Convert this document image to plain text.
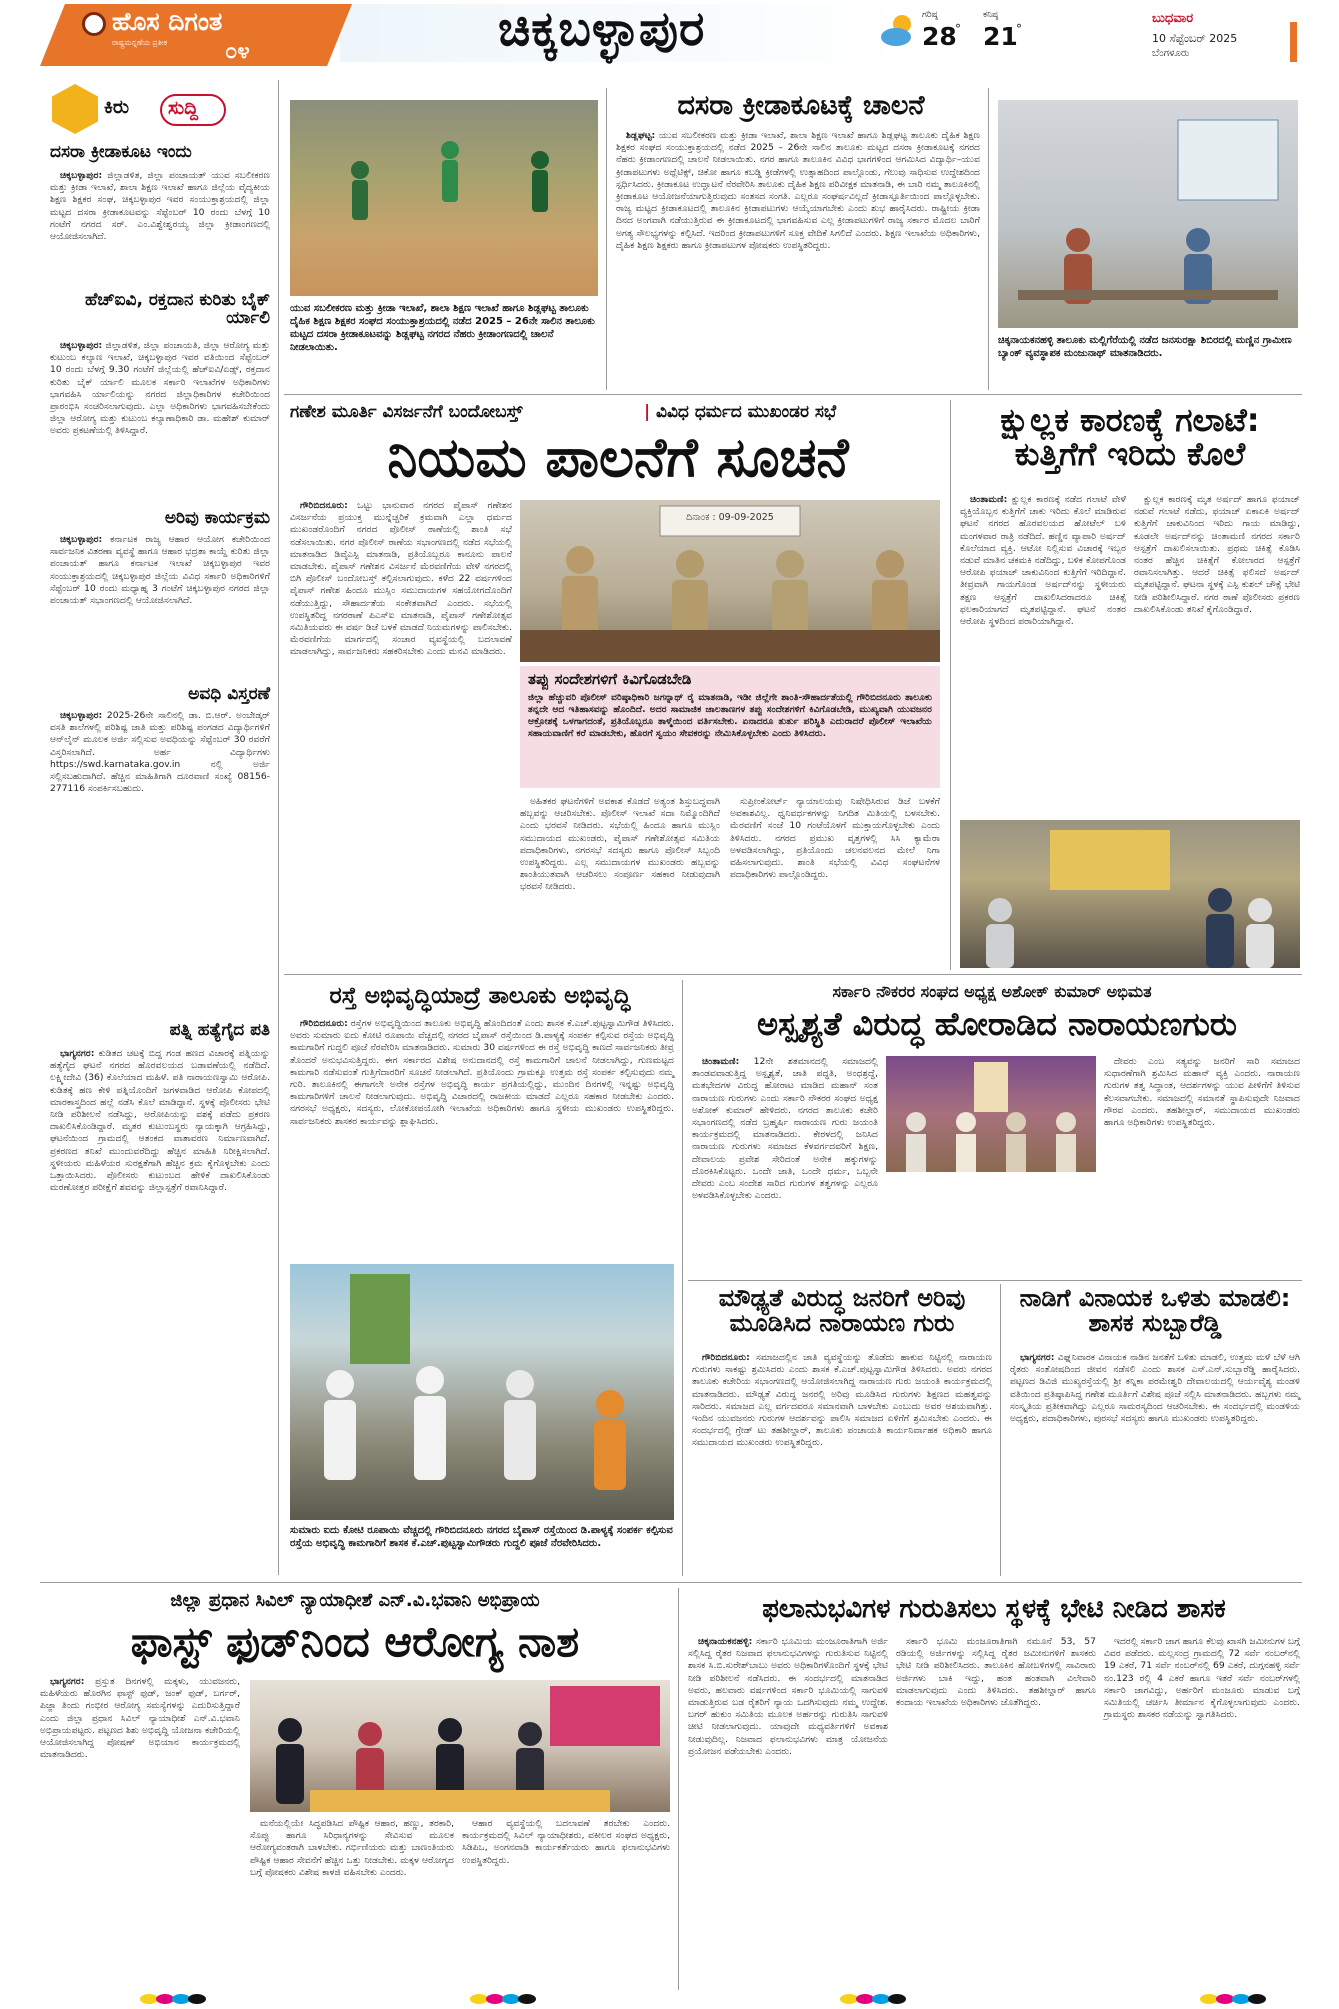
ಹೊಸ ದಿಗಂತ
ರಾಷ್ಟ್ರಮನ್ನಣೆಯ ಪ್ರತೀಕ	೦೪	ಚಿಕ್ಕಬಳ್ಳಾಪುರ	ಗರಿಷ್ಠ
28
°
ಕನಿಷ್ಠ
21
°
ಬುಧವಾರ
10 ಸೆಪ್ಟೆಂಬರ್ 2025
ಬೆಂಗಳೂರು
ಕಿರು	ಸುದ್ದಿ
ದಸರಾ ಕ್ರೀಡಾಕೂಟ ಇಂದು

ಚಿಕ್ಕಬಳ್ಳಾಪುರ: ಜಿಲ್ಲಾಡಳಿತ, ಜಿಲ್ಲಾ ಪಂಚಾಯತ್ ಯುವ ಸಬಲೀಕರಣ ಮತ್ತು ಕ್ರೀಡಾ ಇಲಾಖೆ, ಶಾಲಾ ಶಿಕ್ಷಣ ಇಲಾಖೆ ಹಾಗೂ ಜಿಲ್ಲೆಯ ವೈದ್ಯಕೀಯ ಶಿಕ್ಷಣ ಶಿಕ್ಷಕರ ಸಂಘ, ಚಿಕ್ಕಬಳ್ಳಾಪುರ ಇವರ ಸಂಯುಕ್ತಾಶ್ರಯದಲ್ಲಿ ಜಿಲ್ಲಾ ಮಟ್ಟದ ದಸರಾ ಕ್ರೀಡಾಕೂಟವನ್ನು ಸೆಪ್ಟೆಂಬರ್ 10 ರಂದು ಬೆಳಗ್ಗೆ 10 ಗಂಟೆಗೆ ನಗರದ ಸರ್. ಎಂ.ವಿಶ್ವೇಶ್ವರಯ್ಯ ಜಿಲ್ಲಾ ಕ್ರೀಡಾಂಗಣದಲ್ಲಿ ಆಯೋಜಿಸಲಾಗಿದೆ.

ಹೆಚ್‌ಐವಿ, ರಕ್ತದಾನ ಕುರಿತು ಬೈಕ್ ರ್ಯಾಲಿ

ಚಿಕ್ಕಬಳ್ಳಾಪುರ: ಜಿಲ್ಲಾಡಳಿತ, ಜಿಲ್ಲಾ ಪಂಚಾಯತಿ, ಜಿಲ್ಲಾ ಆರೋಗ್ಯ ಮತ್ತು ಕುಟುಂಬ ಕಲ್ಯಾಣ ಇಲಾಖೆ, ಚಿಕ್ಕಬಳ್ಳಾಪುರ ಇವರ ವತಿಯಿಂದ ಸೆಪ್ಟೆಂಬರ್ 10 ರಂದು ಬೆಳಗ್ಗೆ 9.30 ಗಂಟೆಗೆ ಜಿಲ್ಲೆಯಲ್ಲಿ ಹೆಚ್‌ಐವಿ/ಏಡ್ಸ್, ರಕ್ತದಾನ ಕುರಿತು ಬೈಕ್ ರ್ಯಾಲಿ ಮೂಲಕ ಸರ್ಕಾರಿ ಇಲಾಖೆಗಳ ಅಧಿಕಾರಿಗಳು ಭಾಗವಹಿಸಿ ರ್ಯಾಲಿಯನ್ನು ನಗರದ ಜಿಲ್ಲಾಧಿಕಾರಿಗಳ ಕಚೇರಿಯಿಂದ ಪ್ರಾರಂಭಿಸಿ ಸಂಚರಿಸಲಾಗುವುದು. ಎಲ್ಲಾ ಅಧಿಕಾರಿಗಳು ಭಾಗವಹಿಸಬೇಕೆಂದು ಜಿಲ್ಲಾ ಆರೋಗ್ಯ ಮತ್ತು ಕುಟುಂಬ ಕಲ್ಯಾಣಾಧಿಕಾರಿ ಡಾ. ಮಹೇಶ್ ಕುಮಾರ್ ಅವರು ಪ್ರಕಟಣೆಯಲ್ಲಿ ತಿಳಿಸಿದ್ದಾರೆ.

ಅರಿವು ಕಾರ್ಯಕ್ರಮ

ಚಿಕ್ಕಬಳ್ಳಾಪುರ: ಕರ್ನಾಟಕ ರಾಜ್ಯ ಆಹಾರ ಆಯೋಗ ಕಚೇರಿಯಿಂದ ಸಾರ್ವಜನಿಕ ವಿತರಣಾ ವ್ಯವಸ್ಥೆ ಹಾಗೂ ಆಹಾರ ಭದ್ರತಾ ಕಾಯ್ದೆ ಕುರಿತು ಜಿಲ್ಲಾ ಪಂಚಾಯತ್ ಹಾಗೂ ಕರ್ನಾಟಕ ಇಲಾಖೆ ಚಿಕ್ಕಬಳ್ಳಾಪುರ ಇವರ ಸಂಯುಕ್ತಾಶ್ರಯದಲ್ಲಿ ಚಿಕ್ಕಬಳ್ಳಾಪುರ ಜಿಲ್ಲೆಯ ವಿವಿಧ ಸರ್ಕಾರಿ ಅಧಿಕಾರಿಗಳಿಗೆ ಸೆಪ್ಟೆಂಬರ್ 10 ರಂದು ಮಧ್ಯಾಹ್ನ 3 ಗಂಟೆಗೆ ಚಿಕ್ಕಬಳ್ಳಾಪುರ ನಗರದ ಜಿಲ್ಲಾ ಪಂಚಾಯತ್ ಸಭಾಂಗಣದಲ್ಲಿ ಆಯೋಜಿಸಲಾಗಿದೆ.

ಅವಧಿ ವಿಸ್ತರಣೆ

ಚಿಕ್ಕಬಳ್ಳಾಪುರ: 2025-26ನೇ ಸಾಲಿನಲ್ಲಿ ಡಾ. ಬಿ.ಆರ್. ಅಂಬೇಡ್ಕರ್ ವಸತಿ ಶಾಲೆಗಳಲ್ಲಿ ಪರಿಶಿಷ್ಟ ಜಾತಿ ಮತ್ತು ಪರಿಶಿಷ್ಟ ಪಂಗಡದ ವಿದ್ಯಾರ್ಥಿಗಳಿಗೆ ಆನ್‌ಲೈನ್ ಮೂಲಕ ಅರ್ಜಿ ಸಲ್ಲಿಸುವ ಅವಧಿಯನ್ನು ಸೆಪ್ಟೆಂಬರ್ 30 ರವರೆಗೆ ವಿಸ್ತರಿಸಲಾಗಿದೆ. ಅರ್ಹ ವಿದ್ಯಾರ್ಥಿಗಳು https://swd.karnataka.gov.in ನಲ್ಲಿ ಅರ್ಜಿ ಸಲ್ಲಿಸಬಹುದಾಗಿದೆ. ಹೆಚ್ಚಿನ ಮಾಹಿತಿಗಾಗಿ ದೂರವಾಣಿ ಸಂಖ್ಯೆ 08156-277116 ಸಂಪರ್ಕಿಸಬಹುದು.

ಪತ್ನಿ ಹತ್ಯೆಗೈದ ಪತಿ

ಭಾಗ್ಯನಗರ: ಕುಡಿತದ ಚಟಕ್ಕೆ ಬಿದ್ದ ಗಂಡ ಹಣದ ವಿಚಾರಕ್ಕೆ ಪತ್ನಿಯನ್ನು ಹತ್ಯೆಗೈದ ಘಟನೆ ನಗರದ ಹೊರವಲಯದ ಬಡಾವಣೆಯಲ್ಲಿ ನಡೆದಿದೆ. ಲಕ್ಷ್ಮೀದೇವಿ (36) ಕೊಲೆಯಾದ ಮಹಿಳೆ. ಪತಿ ನಾರಾಯಣಸ್ವಾಮಿ ಆರೋಪಿ. ಕುಡಿತಕ್ಕೆ ಹಣ ಕೇಳಿ ಪತ್ನಿಯೊಂದಿಗೆ ಜಗಳವಾಡಿದ ಆರೋಪಿ ಕೋಪದಲ್ಲಿ ಮಾರಕಾಸ್ತ್ರದಿಂದ ಹಲ್ಲೆ ನಡೆಸಿ ಕೊಲೆ ಮಾಡಿದ್ದಾನೆ. ಸ್ಥಳಕ್ಕೆ ಪೊಲೀಸರು ಭೇಟಿ ನೀಡಿ ಪರಿಶೀಲನೆ ನಡೆಸಿದ್ದು, ಆರೋಪಿಯನ್ನು ವಶಕ್ಕೆ ಪಡೆದು ಪ್ರಕರಣ ದಾಖಲಿಸಿಕೊಂಡಿದ್ದಾರೆ. ಮೃತರ ಕುಟುಂಬಸ್ಥರು ನ್ಯಾಯಕ್ಕಾಗಿ ಆಗ್ರಹಿಸಿದ್ದು, ಘಟನೆಯಿಂದ ಗ್ರಾಮದಲ್ಲಿ ಆತಂಕದ ವಾತಾವರಣ ನಿರ್ಮಾಣವಾಗಿದೆ. ಪ್ರಕರಣದ ತನಿಖೆ ಮುಂದುವರೆದಿದ್ದು ಹೆಚ್ಚಿನ ಮಾಹಿತಿ ನಿರೀಕ್ಷಿಸಲಾಗಿದೆ. ಸ್ಥಳೀಯರು ಮಹಿಳೆಯರ ಸುರಕ್ಷತೆಗಾಗಿ ಹೆಚ್ಚಿನ ಕ್ರಮ ಕೈಗೊಳ್ಳಬೇಕು ಎಂದು ಒತ್ತಾಯಿಸಿದರು. ಪೊಲೀಸರು ಕುಟುಂಬದ ಹೇಳಿಕೆ ದಾಖಲಿಸಿಕೊಂಡು ಮರಣೋತ್ತರ ಪರೀಕ್ಷೆಗೆ ಶವವನ್ನು ಜಿಲ್ಲಾಸ್ಪತ್ರೆಗೆ ರವಾನಿಸಿದ್ದಾರೆ.

ಯುವ ಸಬಲೀಕರಣ ಮತ್ತು ಕ್ರೀಡಾ ಇಲಾಖೆ, ಶಾಲಾ ಶಿಕ್ಷಣ ಇಲಾಖೆ ಹಾಗೂ ಶಿಡ್ಲಘಟ್ಟ ತಾಲೂಕು ದೈಹಿಕ ಶಿಕ್ಷಣ ಶಿಕ್ಷಕರ ಸಂಘದ ಸಂಯುಕ್ತಾಶ್ರಯದಲ್ಲಿ ನಡೆದ 2025 – 26ನೇ ಸಾಲಿನ ತಾಲೂಕು ಮಟ್ಟದ ದಸರಾ ಕ್ರೀಡಾಕೂಟವನ್ನು ಶಿಡ್ಲಘಟ್ಟ ನಗರದ ನೆಹರು ಕ್ರೀಡಾಂಗಣದಲ್ಲಿ ಚಾಲನೆ ನೀಡಲಾಯಿತು.
ದಸರಾ ಕ್ರೀಡಾಕೂಟಕ್ಕೆ ಚಾಲನೆ

ಶಿಡ್ಲಘಟ್ಟ: ಯುವ ಸಬಲೀಕರಣ ಮತ್ತು ಕ್ರೀಡಾ ಇಲಾಖೆ, ಶಾಲಾ ಶಿಕ್ಷಣ ಇಲಾಖೆ ಹಾಗೂ ಶಿಡ್ಲಘಟ್ಟ ತಾಲೂಕು ದೈಹಿಕ ಶಿಕ್ಷಣ ಶಿಕ್ಷಕರ ಸಂಘದ ಸಂಯುಕ್ತಾಶ್ರಯದಲ್ಲಿ ನಡೆದ 2025 – 26ನೇ ಸಾಲಿನ ತಾಲೂಕು ಮಟ್ಟದ ದಸರಾ ಕ್ರೀಡಾಕೂಟಕ್ಕೆ ನಗರದ ನೆಹರು ಕ್ರೀಡಾಂಗಣದಲ್ಲಿ ಚಾಲನೆ ನೀಡಲಾಯಿತು. ನಗರ ಹಾಗೂ ತಾಲೂಕಿನ ವಿವಿಧ ಭಾಗಗಳಿಂದ ಆಗಮಿಸಿದ ವಿದ್ಯಾರ್ಥಿ–ಯುವ ಕ್ರೀಡಾಪಟುಗಳು ಅಥ್ಲೆಟಿಕ್ಸ್, ಚಿಕೋ ಹಾಗೂ ಕಬಡ್ಡಿ ಕ್ರೀಡೆಗಳಲ್ಲಿ ಉತ್ಸಾಹದಿಂದ ಪಾಲ್ಗೊಂಡು, ಗೆಲುವು ಸಾಧಿಸುವ ಉದ್ದೇಶದಿಂದ ಸ್ಪರ್ಧಿಸಿದರು. ಕ್ರೀಡಾಕೂಟ ಉದ್ಘಾಟನೆ ನೆರವೇರಿಸಿ ತಾಲೂಕು ದೈಹಿಕ ಶಿಕ್ಷಣ ಪರಿವೀಕ್ಷಕ ಮಾತನಾಡಿ, ಈ ಬಾರಿ ನಮ್ಮ ತಾಲೂಕಿನಲ್ಲಿ ಕ್ರೀಡಾಕೂಟ ಆಯೋಜನೆಯಾಗುತ್ತಿರುವುದು ಸಂತಸದ ಸಂಗತಿ. ಎಲ್ಲರೂ ಸಂಘರ್ಷವಿಲ್ಲದೆ ಕ್ರೀಡಾಸ್ಫೂರ್ತಿಯಿಂದ ಪಾಲ್ಗೊಳ್ಳಬೇಕು. ರಾಜ್ಯ ಮಟ್ಟದ ಕ್ರೀಡಾಕೂಟದಲ್ಲಿ ತಾಲೂಕಿನ ಕ್ರೀಡಾಪಟುಗಳು ಆಯ್ಕೆಯಾಗಬೇಕು ಎಂದು ಶುಭ ಹಾರೈಸಿದರು. ರಾಷ್ಟ್ರೀಯ ಕ್ರೀಡಾ ದಿನದ ಅಂಗವಾಗಿ ನಡೆಯುತ್ತಿರುವ ಈ ಕ್ರೀಡಾಕೂಟದಲ್ಲಿ ಭಾಗವಹಿಸುವ ಎಲ್ಲ ಕ್ರೀಡಾಪಟುಗಳಿಗೆ ರಾಜ್ಯ ಸರ್ಕಾರ ಮೊದಲ ಬಾರಿಗೆ ಅಗತ್ಯ ಸೌಲಭ್ಯಗಳನ್ನು ಕಲ್ಪಿಸಿದೆ. ಇದರಿಂದ ಕ್ರೀಡಾಪಟುಗಳಿಗೆ ಸೂಕ್ತ ವೇದಿಕೆ ಸಿಗಲಿದೆ ಎಂದರು. ಶಿಕ್ಷಣ ಇಲಾಖೆಯ ಅಧಿಕಾರಿಗಳು, ದೈಹಿಕ ಶಿಕ್ಷಣ ಶಿಕ್ಷಕರು ಹಾಗೂ ಕ್ರೀಡಾಪಟುಗಳ ಪೋಷಕರು ಉಪಸ್ಥಿತರಿದ್ದರು.

ಚಿಕ್ಕನಾಯಕನಹಳ್ಳಿ ತಾಲೂಕು ಮಲ್ಲಿಗೆರೆಯಲ್ಲಿ ನಡೆದ ಜನಸುರಕ್ಷಾ ಶಿಬಿರದಲ್ಲಿ ಮಣ್ಣಿನ ಗ್ರಾಮೀಣ ಬ್ಯಾಂಕ್ ವ್ಯವಸ್ಥಾಪಕ ಮಂಜುನಾಥ್ ಮಾತನಾಡಿದರು.
ಗಣೇಶ ಮೂರ್ತಿ ವಿಸರ್ಜನೆಗೆ ಬಂದೋಬಸ್ತ್	| ವಿವಿಧ ಧರ್ಮದ ಮುಖಂಡರ ಸಭೆ
ನಿಯಮ ಪಾಲನೆಗೆ ಸೂಚನೆ

ಗೌರಿಬಿದನೂರು: ಒಟ್ಟು ಭಾನುವಾರ ನಗರದ ಪೈಪಾಸ್ ಗಣೇಶನ ವಿಸರ್ಜನೆಯ ಪ್ರಯುಕ್ತ ಮುನ್ನೆಚ್ಚರಿಕೆ ಕ್ರಮವಾಗಿ ಎಲ್ಲಾ ಧರ್ಮದ ಮುಖಂಡರೊಂದಿಗೆ ನಗರದ ಪೊಲೀಸ್ ಠಾಣೆಯಲ್ಲಿ ಶಾಂತಿ ಸಭೆ ನಡೆಸಲಾಯಿತು. ನಗರ ಪೊಲೀಸ್ ಠಾಣೆಯ ಸಭಾಂಗಣದಲ್ಲಿ ನಡೆದ ಸಭೆಯಲ್ಲಿ ಮಾತನಾಡಿದ ಡಿವೈಎಸ್ಪಿ ಮಾತನಾಡಿ, ಪ್ರತಿಯೊಬ್ಬರೂ ಕಾನೂನು ಪಾಲನೆ ಮಾಡಬೇಕು. ಪೈಪಾಸ್ ಗಣೇಶನ ವಿಸರ್ಜನೆ ಮೆರವಣಿಗೆಯ ವೇಳೆ ನಗರದಲ್ಲಿ ಬಿಗಿ ಪೊಲೀಸ್ ಬಂದೋಬಸ್ತ್ ಕಲ್ಪಿಸಲಾಗುವುದು. ಕಳೆದ 22 ವರ್ಷಗಳಿಂದ ಪೈಪಾಸ್ ಗಣೇಶ ಹಿಂದೂ ಮುಸ್ಲಿಂ ಸಮುದಾಯಗಳ ಸಹಯೋಗದೊಂದಿಗೆ ನಡೆಯುತ್ತಿದ್ದು, ಸೌಹಾರ್ದತೆಯ ಸಂಕೇತವಾಗಿದೆ ಎಂದರು. ಸಭೆಯಲ್ಲಿ ಉಪಸ್ಥಿತರಿದ್ದ ನಗರಠಾಣೆ ಪಿಎಸ್ಐ ಮಾತನಾಡಿ, ಪೈಪಾಸ್ ಗಣೇಶೋತ್ಸವ ಸಮಿತಿಯವರು ಈ ವರ್ಷ ಡಿಜೆ ಬಳಕೆ ಮಾಡದೆ ನಿಯಮಗಳನ್ನು ಪಾಲಿಸಬೇಕು. ಮೆರವಣಿಗೆಯ ಮಾರ್ಗದಲ್ಲಿ ಸಂಚಾರ ವ್ಯವಸ್ಥೆಯಲ್ಲಿ ಬದಲಾವಣೆ ಮಾಡಲಾಗಿದ್ದು, ಸಾರ್ವಜನಿಕರು ಸಹಕರಿಸಬೇಕು ಎಂದು ಮನವಿ ಮಾಡಿದರು.

ದಿನಾಂಕ : 09-09-2025
ತಪ್ಪು ಸಂದೇಶಗಳಿಗೆ ಕಿವಿಗೊಡಬೇಡಿ
ಜಿಲ್ಲಾ ಹೆಚ್ಚುವರಿ ಪೊಲೀಸ್ ವರಿಷ್ಠಾಧಿಕಾರಿ ಜಗನ್ನಾಥ್ ರೈ ಮಾತನಾಡಿ, ಇಡೀ ಜಿಲ್ಲೆಗೇ ಶಾಂತಿ-ಸೌಹಾರ್ದತೆಯಲ್ಲಿ ಗೌರಿಬಿದನೂರು ತಾಲೂಕು ತನ್ನದೇ ಆದ ಇತಿಹಾಸವನ್ನು ಹೊಂದಿದೆ. ಅದರ ಸಾಮಾಜಿಕ ಜಾಲತಾಣಗಳ ತಪ್ಪು ಸಂದೇಶಗಳಿಗೆ ಕಿವಿಗೊಡಬೇಡಿ, ಮುಖ್ಯವಾಗಿ ಯುವಜನರ ಆಕ್ರೋಶಕ್ಕೆ ಒಳಗಾಗದಂತೆ, ಪ್ರತಿಯೊಬ್ಬರೂ ತಾಳ್ಮೆಯಿಂದ ವರ್ತಿಸಬೇಕು. ಏನಾದರೂ ತುರ್ತು ಪರಿಸ್ಥಿತಿ ಎದುರಾದರೆ ಪೊಲೀಸ್ ಇಲಾಖೆಯ ಸಹಾಯವಾಣಿಗೆ ಕರೆ ಮಾಡಬೇಕು, ಹೊರಗೆ ಸ್ವಯಂ ಸೇವಕರನ್ನು ನೇಮಿಸಿಕೊಳ್ಳಬೇಕು ಎಂದು ತಿಳಿಸಿದರು.

ಅಹಿತಕರ ಘಟನೆಗಳಿಗೆ ಅವಕಾಶ ಕೊಡದೆ ಅತ್ಯಂತ ಶಿಸ್ತುಬದ್ಧವಾಗಿ ಹಬ್ಬವನ್ನು ಆಚರಿಸಬೇಕು. ಪೊಲೀಸ್ ಇಲಾಖೆ ಸದಾ ನಿಮ್ಮೊಂದಿಗಿದೆ ಎಂದು ಭರವಸೆ ನೀಡಿದರು. ಸಭೆಯಲ್ಲಿ ಹಿಂದೂ ಹಾಗೂ ಮುಸ್ಲಿಂ ಸಮುದಾಯದ ಮುಖಂಡರು, ಪೈಪಾಸ್ ಗಣೇಶೋತ್ಸವ ಸಮಿತಿಯ ಪದಾಧಿಕಾರಿಗಳು, ನಗರಸಭೆ ಸದಸ್ಯರು ಹಾಗೂ ಪೊಲೀಸ್ ಸಿಬ್ಬಂದಿ ಉಪಸ್ಥಿತರಿದ್ದರು. ಎಲ್ಲ ಸಮುದಾಯಗಳ ಮುಖಂಡರು ಹಬ್ಬವನ್ನು ಶಾಂತಿಯುತವಾಗಿ ಆಚರಿಸಲು ಸಂಪೂರ್ಣ ಸಹಕಾರ ನೀಡುವುದಾಗಿ ಭರವಸೆ ನೀಡಿದರು.

ಸುಪ್ರೀಂಕೋರ್ಟ್ ನ್ಯಾಯಾಲಯವು ನಿಷೇಧಿಸಿರುವ ಡಿಜೆ ಬಳಕೆಗೆ ಅವಕಾಶವಿಲ್ಲ. ಧ್ವನಿವರ್ಧಕಗಳನ್ನು ನಿಗದಿತ ಮಿತಿಯಲ್ಲಿ ಬಳಸಬೇಕು. ಮೆರವಣಿಗೆ ಸಂಜೆ 10 ಗಂಟೆಯೊಳಗೆ ಮುಕ್ತಾಯಗೊಳ್ಳಬೇಕು ಎಂದು ತಿಳಿಸಿದರು. ನಗರದ ಪ್ರಮುಖ ವೃತ್ತಗಳಲ್ಲಿ ಸಿಸಿ ಕ್ಯಾಮೆರಾ ಅಳವಡಿಸಲಾಗಿದ್ದು, ಪ್ರತಿಯೊಂದು ಚಲನವಲನದ ಮೇಲೆ ನಿಗಾ ವಹಿಸಲಾಗುವುದು. ಶಾಂತಿ ಸಭೆಯಲ್ಲಿ ವಿವಿಧ ಸಂಘಟನೆಗಳ ಪದಾಧಿಕಾರಿಗಳು ಪಾಲ್ಗೊಂಡಿದ್ದರು.

ಕ್ಷುಲ್ಲಕ ಕಾರಣಕ್ಕೆ ಗಲಾಟೆ: ಕುತ್ತಿಗೆಗೆ ಇರಿದು ಕೊಲೆ

ಚಿಂತಾಮಣಿ: ಕ್ಷುಲ್ಲಕ ಕಾರಣಕ್ಕೆ ನಡೆದ ಗಲಾಟೆ ವೇಳೆ ವ್ಯಕ್ತಿಯೊಬ್ಬನ ಕುತ್ತಿಗೆಗೆ ಚಾಕು ಇರಿದು ಕೊಲೆ ಮಾಡಿರುವ ಘಟನೆ ನಗರದ ಹೊರವಲಯದ ಹೋಟೆಲ್ ಬಳಿ ಮಂಗಳವಾರ ರಾತ್ರಿ ನಡೆದಿದೆ. ಹಣ್ಣಿನ ವ್ಯಾಪಾರಿ ಅರ್ಷದ್ ಕೊಲೆಯಾದ ವ್ಯಕ್ತಿ. ಆಟೋ ನಿಲ್ಲಿಸುವ ವಿಚಾರಕ್ಕೆ ಇಬ್ಬರ ನಡುವೆ ಮಾತಿನ ಚಕಮಕಿ ನಡೆದಿದ್ದು, ಬಳಿಕ ಕೋಪಗೊಂಡ ಆರೋಪಿ ಫಯಾಜ್ ಚಾಕುವಿನಿಂದ ಕುತ್ತಿಗೆಗೆ ಇರಿದಿದ್ದಾನೆ. ತೀವ್ರವಾಗಿ ಗಾಯಗೊಂಡ ಅರ್ಷದ್‌ನನ್ನು ಸ್ಥಳೀಯರು ತಕ್ಷಣ ಆಸ್ಪತ್ರೆಗೆ ದಾಖಲಿಸಿದರಾದರೂ ಚಿಕಿತ್ಸೆ ಫಲಕಾರಿಯಾಗದೆ ಮೃತಪಟ್ಟಿದ್ದಾನೆ. ಘಟನೆ ನಂತರ ಆರೋಪಿ ಸ್ಥಳದಿಂದ ಪರಾರಿಯಾಗಿದ್ದಾನೆ.

ಕ್ಷುಲ್ಲಕ ಕಾರಣಕ್ಕೆ ಮೃತ ಅರ್ಷದ್ ಹಾಗೂ ಫಯಾಜ್ ನಡುವೆ ಗಲಾಟೆ ನಡೆದು, ಫಯಾಜ್ ಏಕಾಏಕಿ ಅರ್ಷದ್ ಕುತ್ತಿಗೆಗೆ ಚಾಕುವಿನಿಂದ ಇರಿದು ಗಾಯ ಮಾಡಿದ್ದು, ಕೂಡಲೇ ಅರ್ಷದ್‌ನನ್ನು ಚಿಂತಾಮಣಿ ನಗರದ ಸರ್ಕಾರಿ ಆಸ್ಪತ್ರೆಗೆ ದಾಖಲಿಸಲಾಯಿತು. ಪ್ರಥಮ ಚಿಕಿತ್ಸೆ ಕೊಡಿಸಿ ನಂತರ ಹೆಚ್ಚಿನ ಚಿಕಿತ್ಸೆಗೆ ಕೋಲಾರದ ಆಸ್ಪತ್ರೆಗೆ ರವಾನಿಸಲಾಗಿತ್ತು. ಆದರೆ ಚಿಕಿತ್ಸೆ ಫಲಿಸದೆ ಅರ್ಷದ್ ಮೃತಪಟ್ಟಿದ್ದಾನೆ. ಘಟನಾ ಸ್ಥಳಕ್ಕೆ ಎಸ್ಪಿ ಕುಶಲ್ ಚೌಕ್ಸೆ ಭೇಟಿ ನೀಡಿ ಪರಿಶೀಲಿಸಿದ್ದಾರೆ. ನಗರ ಠಾಣೆ ಪೊಲೀಸರು ಪ್ರಕರಣ ದಾಖಲಿಸಿಕೊಂಡು ತನಿಖೆ ಕೈಗೊಂಡಿದ್ದಾರೆ.

ರಸ್ತೆ ಅಭಿವೃದ್ಧಿಯಾದ್ರೆ ತಾಲೂಕು ಅಭಿವೃದ್ಧಿ

ಗೌರಿಬಿದನೂರು: ರಸ್ತೆಗಳ ಅಭಿವೃದ್ಧಿಯಿಂದ ತಾಲೂಕು ಅಭಿವೃದ್ಧಿ ಹೊಂದಿದಂತೆ ಎಂದು ಶಾಸಕ ಕೆ.ಎಚ್.ಪುಟ್ಟಸ್ವಾಮಿಗೌಡ ತಿಳಿಸಿದರು. ಅವರು ಸುಮಾರು ಐದು ಕೋಟಿ ರೂಪಾಯಿ ವೆಚ್ಚದಲ್ಲಿ ನಗರದ ಬೈಪಾಸ್ ರಸ್ತೆಯಿಂದ ಡಿ.ಪಾಳ್ಯಕ್ಕೆ ಸಂಪರ್ಕ ಕಲ್ಪಿಸುವ ರಸ್ತೆಯ ಅಭಿವೃದ್ಧಿ ಕಾಮಗಾರಿಗೆ ಗುದ್ದಲಿ ಪೂಜೆ ನೆರವೇರಿಸಿ ಮಾತನಾಡಿದರು. ಸುಮಾರು 30 ವರ್ಷಗಳಿಂದ ಈ ರಸ್ತೆ ಅಭಿವೃದ್ಧಿ ಕಾಣದೆ ಸಾರ್ವಜನಿಕರು ತೀವ್ರ ತೊಂದರೆ ಅನುಭವಿಸುತ್ತಿದ್ದರು. ಈಗ ಸರ್ಕಾರದ ವಿಶೇಷ ಅನುದಾನದಲ್ಲಿ ರಸ್ತೆ ಕಾಮಗಾರಿಗೆ ಚಾಲನೆ ನೀಡಲಾಗಿದ್ದು, ಗುಣಮಟ್ಟದ ಕಾಮಗಾರಿ ನಡೆಸುವಂತೆ ಗುತ್ತಿಗೆದಾರರಿಗೆ ಸೂಚನೆ ನೀಡಲಾಗಿದೆ. ಪ್ರತಿಯೊಂದು ಗ್ರಾಮಕ್ಕೂ ಉತ್ತಮ ರಸ್ತೆ ಸಂಪರ್ಕ ಕಲ್ಪಿಸುವುದು ನಮ್ಮ ಗುರಿ. ತಾಲೂಕಿನಲ್ಲಿ ಈಗಾಗಲೇ ಅನೇಕ ರಸ್ತೆಗಳ ಅಭಿವೃದ್ಧಿ ಕಾರ್ಯ ಪ್ರಗತಿಯಲ್ಲಿದ್ದು, ಮುಂದಿನ ದಿನಗಳಲ್ಲಿ ಇನ್ನಷ್ಟು ಅಭಿವೃದ್ಧಿ ಕಾಮಗಾರಿಗಳಿಗೆ ಚಾಲನೆ ನೀಡಲಾಗುವುದು. ಅಭಿವೃದ್ಧಿ ವಿಚಾರದಲ್ಲಿ ರಾಜಕೀಯ ಮಾಡದೆ ಎಲ್ಲರೂ ಸಹಕಾರ ನೀಡಬೇಕು ಎಂದರು. ನಗರಸಭೆ ಅಧ್ಯಕ್ಷರು, ಸದಸ್ಯರು, ಲೋಕೋಪಯೋಗಿ ಇಲಾಖೆಯ ಅಧಿಕಾರಿಗಳು ಹಾಗೂ ಸ್ಥಳೀಯ ಮುಖಂಡರು ಉಪಸ್ಥಿತರಿದ್ದರು. ಸಾರ್ವಜನಿಕರು ಶಾಸಕರ ಕಾರ್ಯವನ್ನು ಶ್ಲಾಘಿಸಿದರು.

ಸುಮಾರು ಐದು ಕೋಟಿ ರೂಪಾಯಿ ವೆಚ್ಚದಲ್ಲಿ ಗೌರಿಬಿದನೂರು ನಗರದ ಬೈಪಾಸ್ ರಸ್ತೆಯಿಂದ ಡಿ.ಪಾಳ್ಯಕ್ಕೆ ಸಂಪರ್ಕ ಕಲ್ಪಿಸುವ ರಸ್ತೆಯ ಅಭಿವೃದ್ಧಿ ಕಾಮಗಾರಿಗೆ ಶಾಸಕ ಕೆ.ಎಚ್.ಪುಟ್ಟಸ್ವಾಮಿಗೌಡರು ಗುದ್ದಲಿ ಪೂಜೆ ನೆರವೇರಿಸಿದರು.
ಸರ್ಕಾರಿ ನೌಕರರ ಸಂಘದ ಅಧ್ಯಕ್ಷ ಅಶೋಕ್ ಕುಮಾರ್ ಅಭಿಮತ
ಅಸ್ಪೃಶ್ಯತೆ ವಿರುದ್ಧ ಹೋರಾಡಿದ ನಾರಾಯಣಗುರು

ಚಿಂತಾಮಣಿ: 12ನೇ ಶತಮಾನದಲ್ಲಿ ಸಮಾಜದಲ್ಲಿ ತಾಂಡವವಾಡುತ್ತಿದ್ದ ಅಸ್ಪೃಶ್ಯತೆ, ಜಾತಿ ಪದ್ಧತಿ, ಅಂಧಶ್ರದ್ಧೆ, ಮತಭೇದಗಳ ವಿರುದ್ಧ ಹೋರಾಟ ಮಾಡಿದ ಮಹಾನ್ ಸಂತ ನಾರಾಯಣ ಗುರುಗಳು ಎಂದು ಸರ್ಕಾರಿ ನೌಕರರ ಸಂಘದ ಅಧ್ಯಕ್ಷ ಅಶೋಕ್ ಕುಮಾರ್ ಹೇಳಿದರು. ನಗರದ ತಾಲೂಕು ಕಚೇರಿ ಸಭಾಂಗಣದಲ್ಲಿ ನಡೆದ ಬ್ರಹ್ಮರ್ಷಿ ನಾರಾಯಣ ಗುರು ಜಯಂತಿ ಕಾರ್ಯಕ್ರಮದಲ್ಲಿ ಮಾತನಾಡಿದರು. ಕೇರಳದಲ್ಲಿ ಜನಿಸಿದ ನಾರಾಯಣ ಗುರುಗಳು ಸಮಾಜದ ಕೆಳವರ್ಗದವರಿಗೆ ಶಿಕ್ಷಣ, ದೇವಾಲಯ ಪ್ರವೇಶ ಸೇರಿದಂತೆ ಅನೇಕ ಹಕ್ಕುಗಳನ್ನು ದೊರಕಿಸಿಕೊಟ್ಟರು. ಒಂದೇ ಜಾತಿ, ಒಂದೇ ಧರ್ಮ, ಒಬ್ಬನೇ ದೇವರು ಎಂಬ ಸಂದೇಶ ಸಾರಿದ ಗುರುಗಳ ತತ್ವಗಳನ್ನು ಎಲ್ಲರೂ ಅಳವಡಿಸಿಕೊಳ್ಳಬೇಕು ಎಂದರು.

ದೇವರು ಎಂಬ ಸತ್ಯವನ್ನು ಜನರಿಗೆ ಸಾರಿ ಸಮಾಜದ ಸುಧಾರಣೆಗಾಗಿ ಶ್ರಮಿಸಿದ ಮಹಾನ್ ವ್ಯಕ್ತಿ ಎಂದರು. ನಾರಾಯಣ ಗುರುಗಳ ತತ್ವ ಸಿದ್ಧಾಂತ, ಆದರ್ಶಗಳನ್ನು ಯುವ ಪೀಳಿಗೆಗೆ ತಿಳಿಸುವ ಕೆಲಸವಾಗಬೇಕು. ಸಮಾಜದಲ್ಲಿ ಸಮಾನತೆ ಸ್ಥಾಪಿಸುವುದೇ ನಿಜವಾದ ಗೌರವ ಎಂದರು. ತಹಶೀಲ್ದಾರ್, ಸಮುದಾಯದ ಮುಖಂಡರು ಹಾಗೂ ಅಧಿಕಾರಿಗಳು ಉಪಸ್ಥಿತರಿದ್ದರು.

ಮೌಢ್ಯತೆ ವಿರುದ್ಧ ಜನರಿಗೆ ಅರಿವು ಮೂಡಿಸಿದ ನಾರಾಯಣ ಗುರು

ಗೌರಿಬಿದನೂರು: ಸಮಾಜದಲ್ಲಿನ ಜಾತಿ ವ್ಯವಸ್ಥೆಯನ್ನು ತೊಡೆದು ಹಾಕುವ ನಿಟ್ಟಿನಲ್ಲಿ ನಾರಾಯಣ ಗುರುಗಳು ಸಾಕಷ್ಟು ಶ್ರಮಿಸಿದರು ಎಂದು ಶಾಸಕ ಕೆ.ಎಚ್.ಪುಟ್ಟಸ್ವಾಮಿಗೌಡ ತಿಳಿಸಿದರು. ಅವರು ನಗರದ ತಾಲೂಕು ಕಚೇರಿಯ ಸಭಾಂಗಣದಲ್ಲಿ ಆಯೋಜಿಸಲಾಗಿದ್ದ ನಾರಾಯಣ ಗುರು ಜಯಂತಿ ಕಾರ್ಯಕ್ರಮದಲ್ಲಿ ಮಾತನಾಡಿದರು. ಮೌಢ್ಯತೆ ವಿರುದ್ಧ ಜನರಲ್ಲಿ ಅರಿವು ಮೂಡಿಸಿದ ಗುರುಗಳು ಶಿಕ್ಷಣದ ಮಹತ್ವವನ್ನು ಸಾರಿದರು. ಸಮಾಜದ ಎಲ್ಲ ವರ್ಗದವರೂ ಸಮಾನವಾಗಿ ಬಾಳಬೇಕು ಎಂಬುದು ಅವರ ಆಶಯವಾಗಿತ್ತು. ಇಂದಿನ ಯುವಜನರು ಗುರುಗಳ ಆದರ್ಶವನ್ನು ಪಾಲಿಸಿ ಸಮಾಜದ ಏಳಿಗೆಗೆ ಶ್ರಮಿಸಬೇಕು ಎಂದರು. ಈ ಸಂದರ್ಭದಲ್ಲಿ ಗ್ರೇಡ್ ಟು ತಹಶೀಲ್ದಾರ್, ತಾಲೂಕು ಪಂಚಾಯತಿ ಕಾರ್ಯನಿರ್ವಾಹಕ ಅಧಿಕಾರಿ ಹಾಗೂ ಸಮುದಾಯದ ಮುಖಂಡರು ಉಪಸ್ಥಿತರಿದ್ದರು.

ನಾಡಿಗೆ ವಿನಾಯಕ ಒಳಿತು ಮಾಡಲಿ: ಶಾಸಕ ಸುಬ್ಬಾರೆಡ್ಡಿ

ಭಾಗ್ಯನಗರ: ವಿಘ್ನನಿವಾರಕ ವಿನಾಯಕ ನಾಡಿನ ಜನತೆಗೆ ಒಳಿತು ಮಾಡಲಿ, ಉತ್ತಮ ಮಳೆ ಬೆಳೆ ಆಗಿ ರೈತರು ಸಂತೋಷದಿಂದ ಜೀವನ ನಡೆಸಲಿ ಎಂದು ಶಾಸಕ ಎಸ್.ಎನ್.ಸುಬ್ಬಾರೆಡ್ಡಿ ಹಾರೈಸಿದರು. ಪಟ್ಟಣದ ಡಿವಿಜಿ ಮುಖ್ಯರಸ್ತೆಯಲ್ಲಿ ಶ್ರೀ ಕನ್ನಿಕಾ ಪರಮೇಶ್ವರಿ ದೇವಾಲಯದಲ್ಲಿ ಆರ್ಯವೈಶ್ಯ ಮಂಡಳಿ ವತಿಯಿಂದ ಪ್ರತಿಷ್ಠಾಪಿಸಿದ್ದ ಗಣೇಶ ಮೂರ್ತಿಗೆ ವಿಶೇಷ ಪೂಜೆ ಸಲ್ಲಿಸಿ ಮಾತನಾಡಿದರು. ಹಬ್ಬಗಳು ನಮ್ಮ ಸಂಸ್ಕೃತಿಯ ಪ್ರತೀಕವಾಗಿದ್ದು ಎಲ್ಲರೂ ಸಾಮರಸ್ಯದಿಂದ ಆಚರಿಸಬೇಕು. ಈ ಸಂದರ್ಭದಲ್ಲಿ ಮಂಡಳಿಯ ಅಧ್ಯಕ್ಷರು, ಪದಾಧಿಕಾರಿಗಳು, ಪುರಸಭೆ ಸದಸ್ಯರು ಹಾಗೂ ಮುಖಂಡರು ಉಪಸ್ಥಿತರಿದ್ದರು.

ಜಿಲ್ಲಾ ಪ್ರಧಾನ ಸಿವಿಲ್ ನ್ಯಾಯಾಧೀಶೆ ಎನ್.ವಿ.ಭವಾನಿ ಅಭಿಪ್ರಾಯ
ಫಾಸ್ಟ್ ಫುಡ್‌ನಿಂದ ಆರೋಗ್ಯ ನಾಶ

ಭಾಗ್ಯನಗರ: ಪ್ರಸ್ತುತ ದಿನಗಳಲ್ಲಿ ಮಕ್ಕಳು, ಯುವಜನರು, ಮಹಿಳೆಯರು ಹೊರಗಿನ ಫಾಸ್ಟ್ ಫುಡ್, ಜಂಕ್ ಫುಡ್, ಬರ್ಗರ್, ಪಿಜ್ಜಾ ತಿಂದು ಗಂಭೀರ ಆರೋಗ್ಯ ಸಮಸ್ಯೆಗಳನ್ನು ಎದುರಿಸುತ್ತಿದ್ದಾರೆ ಎಂದು ಜಿಲ್ಲಾ ಪ್ರಧಾನ ಸಿವಿಲ್ ನ್ಯಾಯಾಧೀಶೆ ಎನ್.ವಿ.ಭವಾನಿ ಅಭಿಪ್ರಾಯಪಟ್ಟರು. ಪಟ್ಟಣದ ಶಿಶು ಅಭಿವೃದ್ಧಿ ಯೋಜನಾ ಕಚೇರಿಯಲ್ಲಿ ಆಯೋಜಿಸಲಾಗಿದ್ದ ಪೋಷಣ್ ಅಭಿಯಾನ ಕಾರ್ಯಕ್ರಮದಲ್ಲಿ ಮಾತನಾಡಿದರು.

ಮನೆಯಲ್ಲಿಯೇ ಸಿದ್ಧಪಡಿಸಿದ ಪೌಷ್ಟಿಕ ಆಹಾರ, ಹಣ್ಣು, ತರಕಾರಿ, ಸೊಪ್ಪು ಹಾಗೂ ಸಿರಿಧಾನ್ಯಗಳನ್ನು ಸೇವಿಸುವ ಮೂಲಕ ಆರೋಗ್ಯವಂತರಾಗಿ ಬಾಳಬೇಕು. ಗರ್ಭಿಣಿಯರು ಮತ್ತು ಬಾಣಂತಿಯರು ಪೌಷ್ಟಿಕ ಆಹಾರ ಸೇವನೆಗೆ ಹೆಚ್ಚಿನ ಒತ್ತು ನೀಡಬೇಕು. ಮಕ್ಕಳ ಆರೋಗ್ಯದ ಬಗ್ಗೆ ಪೋಷಕರು ವಿಶೇಷ ಕಾಳಜಿ ವಹಿಸಬೇಕು ಎಂದರು.

ಆಹಾರ ವ್ಯವಸ್ಥೆಯಲ್ಲಿ ಬದಲಾವಣೆ ತರಬೇಕು ಎಂದರು. ಕಾರ್ಯಕ್ರಮದಲ್ಲಿ ಸಿವಿಲ್ ನ್ಯಾಯಾಧೀಶರು, ವಕೀಲರ ಸಂಘದ ಅಧ್ಯಕ್ಷರು, ಸಿಡಿಪಿಒ, ಅಂಗನವಾಡಿ ಕಾರ್ಯಕರ್ತೆಯರು ಹಾಗೂ ಫಲಾನುಭವಿಗಳು ಉಪಸ್ಥಿತರಿದ್ದರು.

ಫಲಾನುಭವಿಗಳ ಗುರುತಿಸಲು ಸ್ಥಳಕ್ಕೆ ಭೇಟಿ ನೀಡಿದ ಶಾಸಕ

ಚಿಕ್ಕನಾಯಕನಹಳ್ಳಿ: ಸರ್ಕಾರಿ ಭೂಮಿಯ ಮಂಜೂರಾತಿಗಾಗಿ ಅರ್ಜಿ ಸಲ್ಲಿಸಿದ್ದ ರೈತರ ನಿಜವಾದ ಫಲಾನುಭವಿಗಳನ್ನು ಗುರುತಿಸುವ ನಿಟ್ಟಿನಲ್ಲಿ ಶಾಸಕ ಸಿ.ಬಿ.ಸುರೇಶ್‌ಬಾಬು ಅವರು ಅಧಿಕಾರಿಗಳೊಂದಿಗೆ ಸ್ಥಳಕ್ಕೆ ಭೇಟಿ ನೀಡಿ ಪರಿಶೀಲನೆ ನಡೆಸಿದರು. ಈ ಸಂದರ್ಭದಲ್ಲಿ ಮಾತನಾಡಿದ ಅವರು, ಹಲವಾರು ವರ್ಷಗಳಿಂದ ಸರ್ಕಾರಿ ಭೂಮಿಯಲ್ಲಿ ಸಾಗುವಳಿ ಮಾಡುತ್ತಿರುವ ಬಡ ರೈತರಿಗೆ ನ್ಯಾಯ ಒದಗಿಸುವುದು ನಮ್ಮ ಉದ್ದೇಶ. ಬಗರ್ ಹುಕುಂ ಸಮಿತಿಯ ಮೂಲಕ ಅರ್ಹರನ್ನು ಗುರುತಿಸಿ ಸಾಗುವಳಿ ಚೀಟಿ ನೀಡಲಾಗುವುದು. ಯಾವುದೇ ಮಧ್ಯವರ್ತಿಗಳಿಗೆ ಅವಕಾಶ ನೀಡುವುದಿಲ್ಲ. ನಿಜವಾದ ಫಲಾನುಭವಿಗಳು ಮಾತ್ರ ಯೋಜನೆಯ ಪ್ರಯೋಜನ ಪಡೆಯಬೇಕು ಎಂದರು.

ಸರ್ಕಾರಿ ಭೂಮಿ ಮಂಜೂರಾತಿಗಾಗಿ ನಮೂನೆ 53, 57 ರಡಿಯಲ್ಲಿ ಅರ್ಜಿಗಳನ್ನು ಸಲ್ಲಿಸಿದ್ದ ರೈತರ ಜಮೀನುಗಳಿಗೆ ಶಾಸಕರು ಭೇಟಿ ನೀಡಿ ಪರಿಶೀಲಿಸಿದರು. ತಾಲೂಕಿನ ಹೋಬಳಿಗಳಲ್ಲಿ ಸಾವಿರಾರು ಅರ್ಜಿಗಳು ಬಾಕಿ ಇದ್ದು, ಹಂತ ಹಂತವಾಗಿ ವಿಲೇವಾರಿ ಮಾಡಲಾಗುವುದು ಎಂದು ತಿಳಿಸಿದರು. ತಹಶೀಲ್ದಾರ್ ಹಾಗೂ ಕಂದಾಯ ಇಲಾಖೆಯ ಅಧಿಕಾರಿಗಳು ಜೊತೆಗಿದ್ದರು.

ಇದರಲ್ಲಿ ಸರ್ಕಾರಿ ಜಾಗ ಹಾಗೂ ಕೆಲವು ಖಾಸಗಿ ಜಮೀನುಗಳ ಬಗ್ಗೆ ವಿವರ ಪಡೆದರು. ಮಲ್ಲಸಂದ್ರ ಗ್ರಾಮದಲ್ಲಿ 72 ಸರ್ವೆ ನಂಬರ್‌ನಲ್ಲಿ 19 ಎಕರೆ, 71 ಸರ್ವೆ ನಂಬರ್‌ನಲ್ಲಿ 69 ಎಕರೆ, ದುಗ್ಗನಹಳ್ಳಿ ಸರ್ವೆ ನಂ.123 ರಲ್ಲಿ 4 ಎಕರೆ ಹಾಗೂ ಇತರೆ ಸರ್ವೆ ನಂಬರ್‌ಗಳಲ್ಲಿ ಸರ್ಕಾರಿ ಜಾಗವಿದ್ದು, ಅರ್ಹರಿಗೆ ಮಂಜೂರು ಮಾಡುವ ಬಗ್ಗೆ ಸಮಿತಿಯಲ್ಲಿ ಚರ್ಚಿಸಿ ತೀರ್ಮಾನ ಕೈಗೊಳ್ಳಲಾಗುವುದು ಎಂದರು. ಗ್ರಾಮಸ್ಥರು ಶಾಸಕರ ನಡೆಯನ್ನು ಸ್ವಾಗತಿಸಿದರು.
